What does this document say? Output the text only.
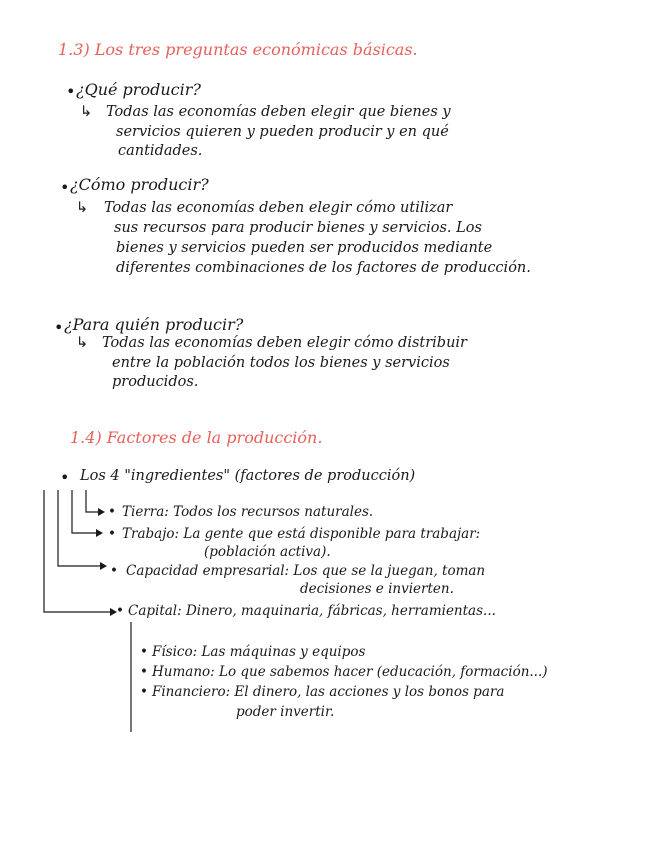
1.3) Los tres preguntas económicas básicas.
• ¿Qué producir?
↳ Todas las economías deben elegir que bienes y
servicios quieren y pueden producir y en qué
cantidades.
• ¿Cómo producir?
↳ Todas las economías deben elegir cómo utilizar
sus recursos para producir bienes y servicios. Los
bienes y servicios pueden ser producidos mediante
diferentes combinaciones de los factores de producción.
• ¿Para quién producir?
↳ Todas las economías deben elegir cómo distribuir
entre la población todos los bienes y servicios
producidos.
1.4) Factores de la producción.
• Los 4 "ingredientes" (factores de producción)
• Tierra: Todos los recursos naturales.
• Trabajo: La gente que está disponible para trabajar:
(población activa).
• Capacidad empresarial: Los que se la juegan, toman
decisiones e invierten.
• Capital: Dinero, maquinaria, fábricas, herramientas...
• Físico: Las máquinas y equipos
• Humano: Lo que sabemos hacer (educación, formación...)
• Financiero: El dinero, las acciones y los bonos para
poder invertir.
